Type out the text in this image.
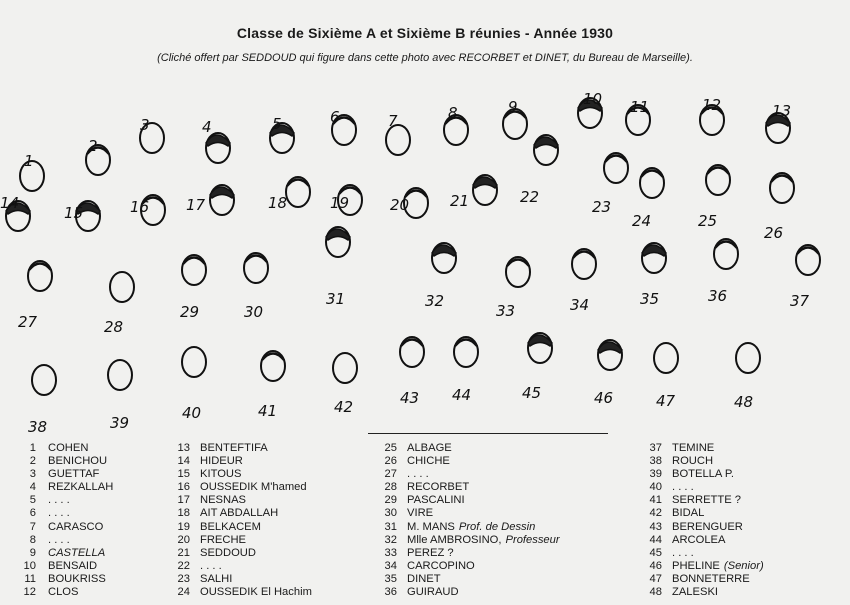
Classe de Sixième A et Sixième B réunies - Année 1930
(Cliché offert par SEDDOUD qui figure dans cette photo avec RECORBET et DINET, du Bureau de Marseille).
1
2
3	4	5	6	7	8	9	10 11	12	13
14
15	16 17	18	19	20	21	22
23
24	25
26
27	28
29	30
31	32
33	34	35	36	37
38	39
40	41	42	43 44	45	46	47	48
1 COHEN
2 BENICHOU
3 GUETTAF
4 REZKALLAH
5 . . . .
6 . . . .
7 CARASCO
8 . . . .
9 CASTELLA
10 BENSAID
11 BOUKRISS
12 CLOS
13 BENTEFTIFA
14 HIDEUR
15 KITOUS
16 OUSSEDIK M'hamed
17 NESNAS
18 AIT ABDALLAH
19 BELKACEM
20 FRECHE
21 SEDDOUD
22 . . . .
23 SALHI
24 OUSSEDIK El Hachim
25 ALBAGE
26 CHICHE
27 . . . .
28 RECORBET
29 PASCALINI
30 VIRE
31 M. MANS Prof. de Dessin
32 Mlle AMBROSINO, Professeur
33 PEREZ ?
34 CARCOPINO
35 DINET
36 GUIRAUD
37 TEMINE
38 ROUCH
39 BOTELLA P.
40 . . . .
41 SERRETTE ?
42 BIDAL
43 BERENGUER
44 ARCOLEA
45 . . . .
46 PHELINE (Senior)
47 BONNETERRE
48 ZALESKI
